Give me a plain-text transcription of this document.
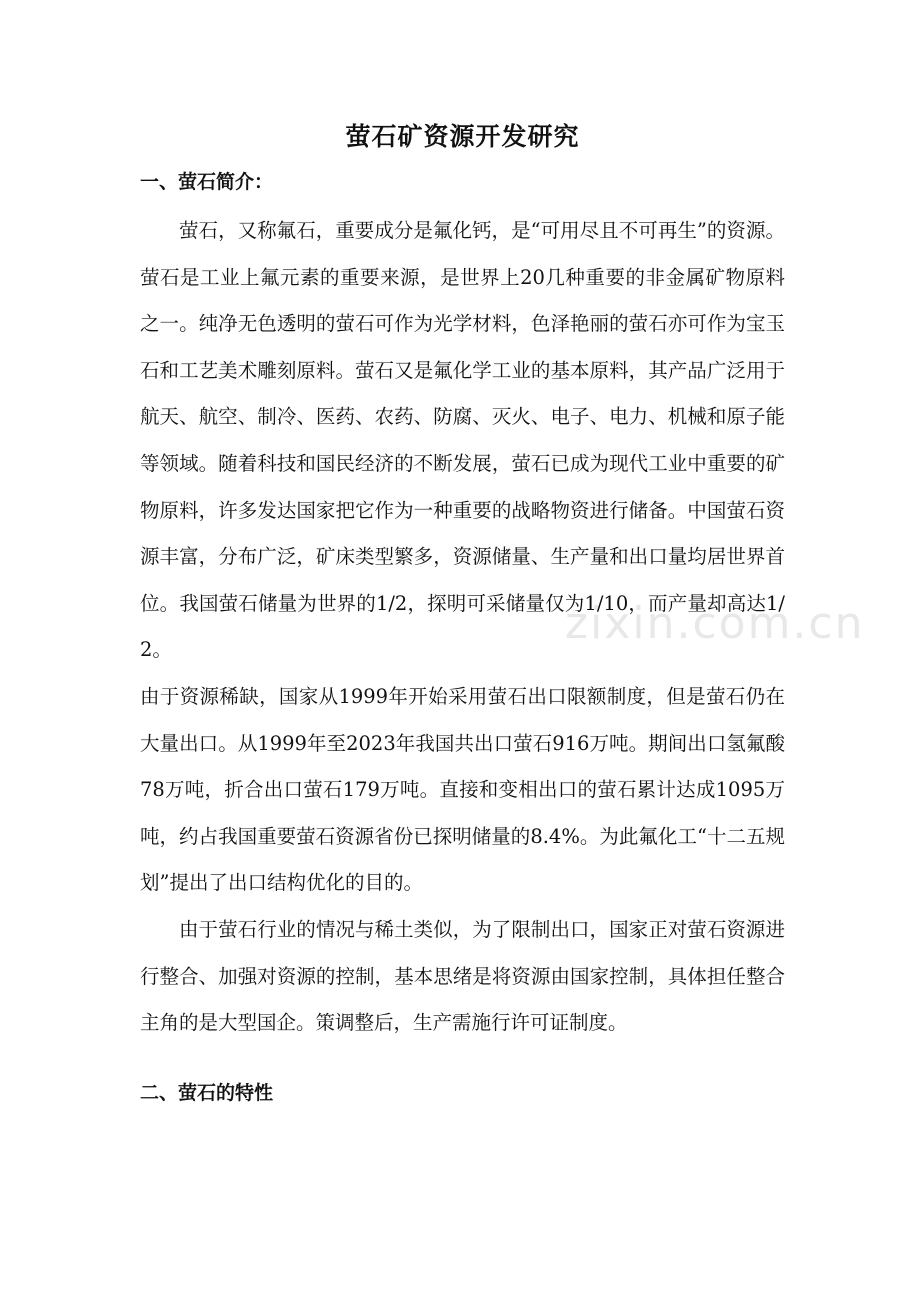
萤石矿资源开发研究
一、萤石简介：

萤石，又称氟石，重要成分是氟化钙，是“可用尽且不可再生”的资源。萤石是工业上氟元素的重要来源，是世界上20几种重要的非金属矿物原料之一。纯净无色透明的萤石可作为光学材料，色泽艳丽的萤石亦可作为宝玉石和工艺美术雕刻原料。萤石又是氟化学工业的基本原料，其产品广泛用于航天、航空、制冷、医药、农药、防腐、灭火、电子、电力、机械和原子能等领域。随着科技和国民经济的不断发展，萤石已成为现代工业中重要的矿物原料，许多发达国家把它作为一种重要的战略物资进行储备。中国萤石资源丰富，分布广泛，矿床类型繁多，资源储量、生产量和出口量均居世界首位。我国萤石储量为世界的1/2，探明可采储量仅为1/10，而产量却高达1/2。

由于资源稀缺，国家从1999年开始采用萤石出口限额制度，但是萤石仍在大量出口。从1999年至2023年我国共出口萤石916万吨。期间出口氢氟酸78万吨，折合出口萤石179万吨。直接和变相出口的萤石累计达成1095万吨，约占我国重要萤石资源省份已探明储量的8.4%。为此氟化工“十二五规划”提出了出口结构优化的目的。

由于萤石行业的情况与稀土类似，为了限制出口，国家正对萤石资源进行整合、加强对资源的控制，基本思绪是将资源由国家控制，具体担任整合主角的是大型国企。策调整后，生产需施行许可证制度。

二、萤石的特性
zixin.com.cn
